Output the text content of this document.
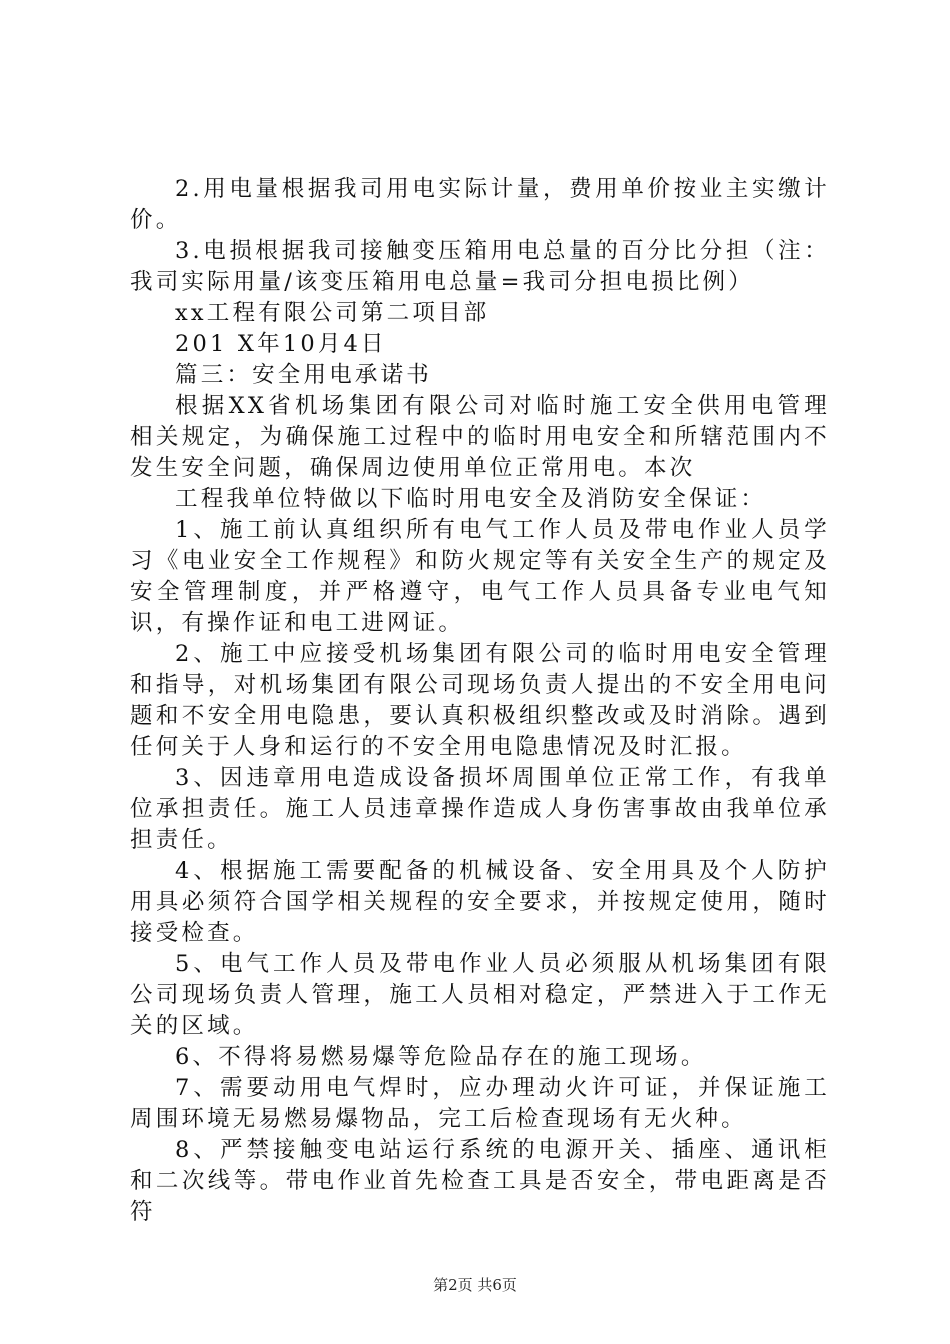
2.用电量根据我司用电实际计量，费用单价按业主实缴计价。

3.电损根据我司接触变压箱用电总量的百分比分担（注：我司实际用量/该变压箱用电总量=我司分担电损比例）

xx工程有限公司第二项目部

201 X年10月4日

篇三：安全用电承诺书

根据XX省机场集团有限公司对临时施工安全供用电管理相关规定，为确保施工过程中的临时用电安全和所辖范围内不发生安全问题，确保周边使用单位正常用电。本次

工程我单位特做以下临时用电安全及消防安全保证：

1、施工前认真组织所有电气工作人员及带电作业人员学习《电业安全工作规程》和防火规定等有关安全生产的规定及安全管理制度，并严格遵守，电气工作人员具备专业电气知识，有操作证和电工进网证。

2、施工中应接受机场集团有限公司的临时用电安全管理和指导，对机场集团有限公司现场负责人提出的不安全用电问题和不安全用电隐患，要认真积极组织整改或及时消除。遇到任何关于人身和运行的不安全用电隐患情况及时汇报。

3、因违章用电造成设备损坏周围单位正常工作，有我单位承担责任。施工人员违章操作造成人身伤害事故由我单位承担责任。

4、根据施工需要配备的机械设备、安全用具及个人防护用具必须符合国学相关规程的安全要求，并按规定使用，随时接受检查。

5、电气工作人员及带电作业人员必须服从机场集团有限公司现场负责人管理，施工人员相对稳定，严禁进入于工作无关的区域。

6、不得将易燃易爆等危险品存在的施工现场。

7、需要动用电气焊时，应办理动火许可证，并保证施工周围环境无易燃易爆物品，完工后检查现场有无火种。

8、严禁接触变电站运行系统的电源开关、插座、通讯柜和二次线等。带电作业首先检查工具是否安全，带电距离是否符

第2页 共6页
